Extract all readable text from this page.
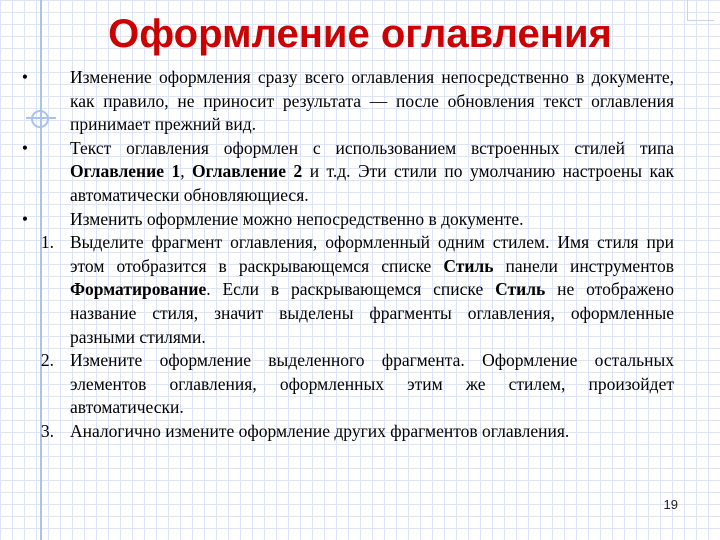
Оформление оглавления
• Изменение оформления сразу всего оглавления непосредственно в документе, как правило, не приносит результата — после обновления текст оглавления принимает прежний вид.
• Текст оглавления оформлен с использованием встроенных стилей типа Оглавление 1, Оглавление 2 и т.д. Эти стили по умолчанию настроены как автоматически обновляющиеся.
• Изменить оформление можно непосредственно в документе.
1. Выделите фрагмент оглавления, оформленный одним стилем. Имя стиля при этом отобразится в раскрывающемся списке Стиль панели инструментов Форматирование. Если в раскрывающемся списке Стиль не отображено название стиля, значит выделены фрагменты оглавления, оформленные разными стилями.
2. Измените оформление выделенного фрагмента. Оформление остальных элементов оглавления, оформленных этим же стилем, произойдет автоматически.
3. Аналогично измените оформление других фрагментов оглавления.
19
